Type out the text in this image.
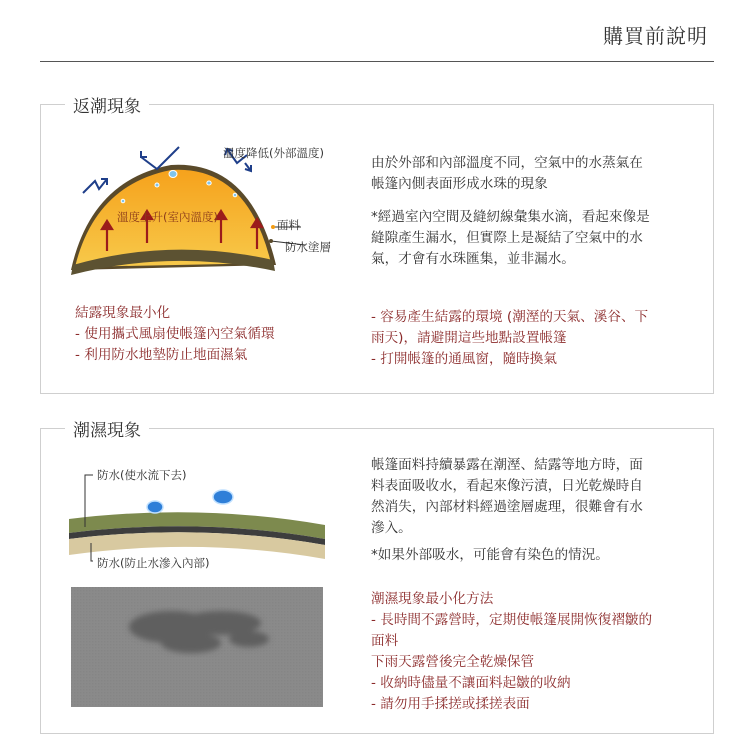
購買前說明
返潮現象
溫度降低(外部溫度)
溫度上升(室內溫度)
面料
防水塗層
由於外部和內部溫度不同，空氣中的水蒸氣在
帳篷內側表面形成水珠的現象
*經過室內空間及縫紉線彙集水滴，看起來像是
縫隙產生漏水，但實際上是凝結了空氣中的水
氣，才會有水珠匯集，並非漏水。
結露現象最小化
- 使用攜式風扇使帳篷內空氣循環
- 利用防水地墊防止地面濕氣
- 容易產生結露的環境 (潮溼的天氣、溪谷、下
雨天)，請避開這些地點設置帳篷
- 打開帳篷的通風窗，隨時換氣
潮濕現象
防水(使水流下去)
防水(防止水滲入內部)
帳篷面料持續暴露在潮溼、結露等地方時，面
料表面吸收水，看起來像污漬，日光乾燥時自
然消失，內部材料經過塗層處理，很難會有水
滲入。
*如果外部吸水，可能會有染色的情況。
潮濕現象最小化方法
- 長時間不露營時，定期使帳篷展開恢復褶皺的
面料
下雨天露營後完全乾燥保管
- 收納時儘量不讓面料起皺的收納
- 請勿用手揉搓或揉搓表面
